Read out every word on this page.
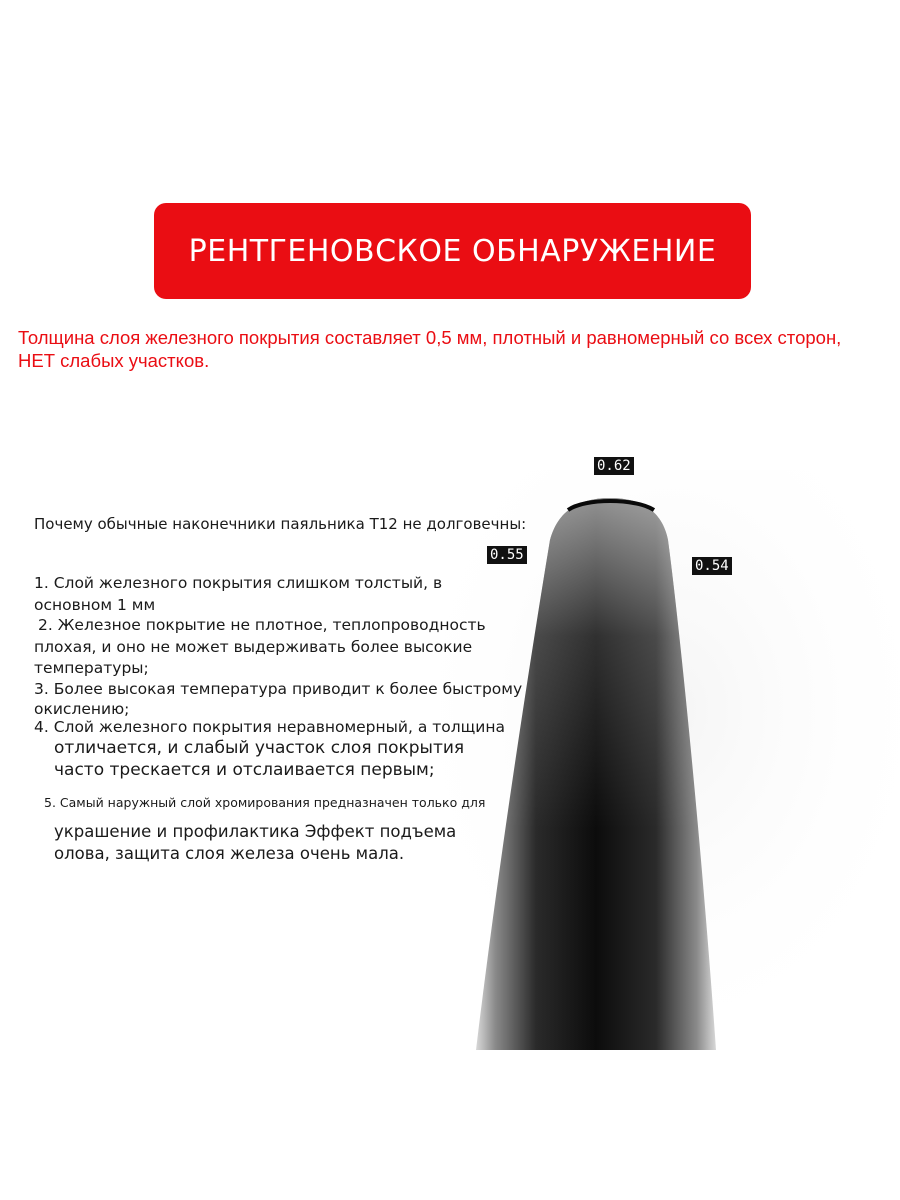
РЕНТГЕНОВСКОЕ ОБНАРУЖЕНИЕ

Толщина слоя железного покрытия составляет 0,5 мм, плотный и равномерный со всех сторон, НЕТ слабых участков.

0.62
0.55
0.54
Почему обычные наконечники паяльника Т12 не долговечны:
1. Слой железного покрытия слишком толстый, в
основном 1 мм
2. Железное покрытие не плотное, теплопроводность
плохая, и оно не может выдерживать более высокие
температуры;
3. Более высокая температура приводит к более быстрому
окислению;
4. Слой железного покрытия неравномерный, а толщина
отличается, и слабый участок слоя покрытия
часто трескается и отслаивается первым;
5. Самый наружный слой хромирования предназначен только для
украшение и профилактика Эффект подъема
олова, защита слоя железа очень мала.
